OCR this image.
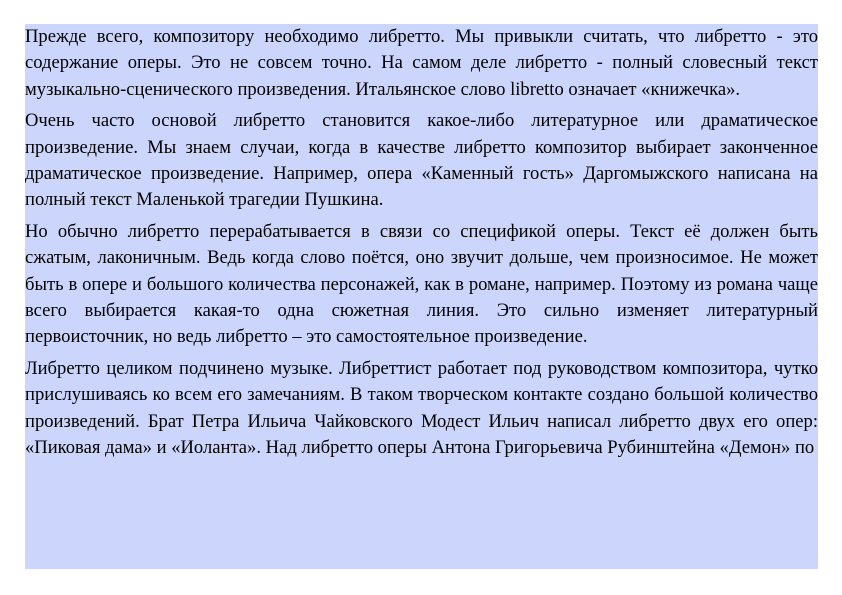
Прежде всего, композитору необходимо либретто. Мы привыкли считать, что либретто - это содержание оперы. Это не совсем точно. На самом деле либретто - полный словесный текст музыкально-сценического произведения. Итальянское слово libretto означает «книжечка».

Очень часто основой либретто становится какое-либо литературное или драматическое произведение. Мы знаем случаи, когда в качестве либретто композитор выбирает законченное драматическое произведение. Например, опера «Каменный гость» Даргомыжского написана на полный текст Маленькой трагедии Пушкина.

Но обычно либретто перерабатывается в связи со спецификой оперы. Текст её должен быть сжатым, лаконичным. Ведь когда слово поётся, оно звучит дольше, чем произносимое. Не может быть в опере и большого количества персонажей, как в романе, например. Поэтому из романа чаще всего выбирается какая-то одна сюжетная линия. Это сильно изменяет литературный первоисточник, но ведь либретто – это самостоятельное произведение.

Либретто целиком подчинено музыке. Либреттист работает под руководством композитора, чутко прислушиваясь ко всем его замечаниям. В таком творческом контакте создано большой количество произведений. Брат Петра Ильича Чайковского Модест Ильич написал либретто двух его опер: «Пиковая дама» и «Иоланта». Над либретто оперы Антона Григорьевича Рубинштейна «Демон» по
